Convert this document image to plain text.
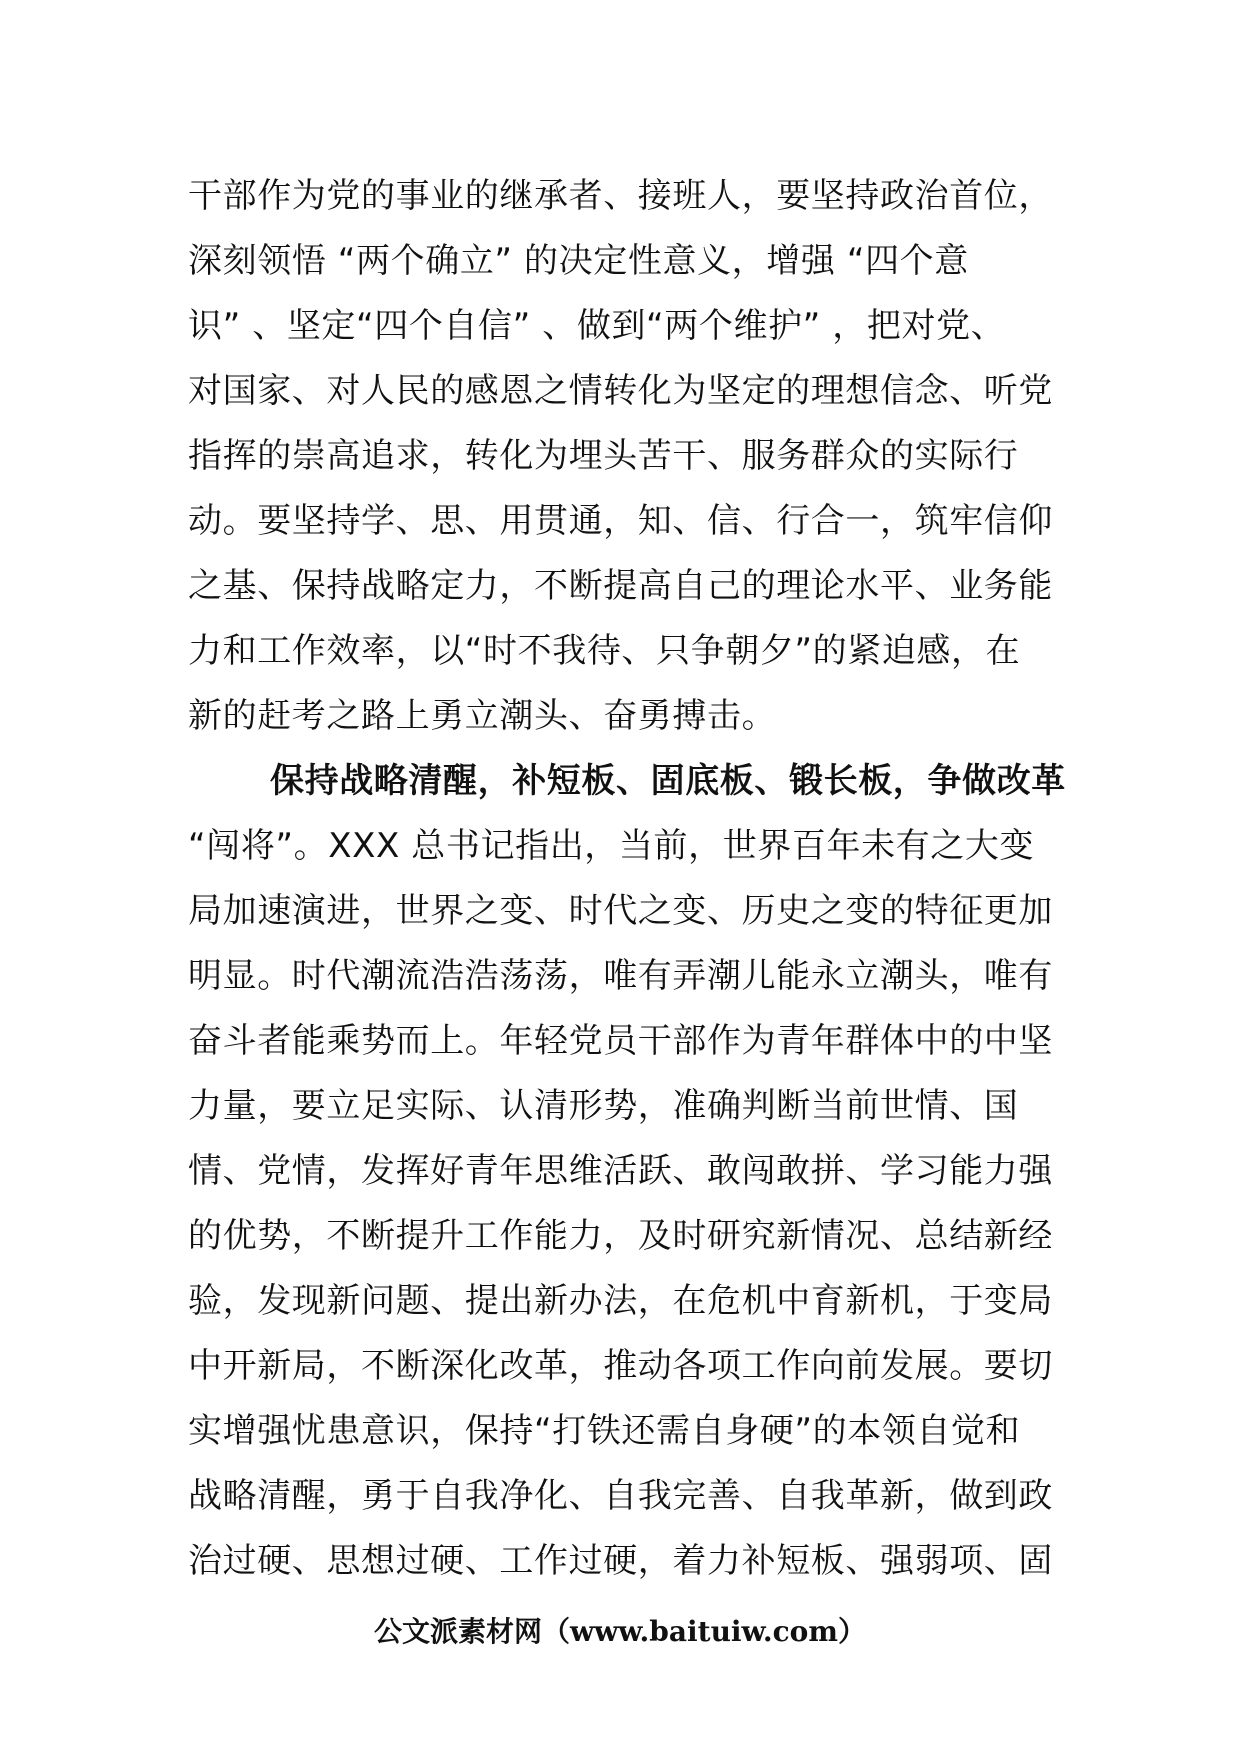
干部作为党的事业的继承者、接班人，要坚持政治首位，
深刻领悟 “两个确立” 的决定性意义，增强 “四个意
识” 、坚定“四个自信” 、做到“两个维护” ，把对党、
对国家、对人民的感恩之情转化为坚定的理想信念、听党
指挥的崇高追求，转化为埋头苦干、服务群众的实际行
动。要坚持学、思、用贯通，知、信、行合一，筑牢信仰
之基、保持战略定力，不断提高自己的理论水平、业务能
力和工作效率，以“时不我待、只争朝夕”的紧迫感，在
新的赶考之路上勇立潮头、奋勇搏击。
保持战略清醒，补短板、固底板、锻长板，争做改革
“闯将”。XXX 总书记指出，当前，世界百年未有之大变
局加速演进，世界之变、时代之变、历史之变的特征更加
明显。时代潮流浩浩荡荡，唯有弄潮儿能永立潮头，唯有
奋斗者能乘势而上。年轻党员干部作为青年群体中的中坚
力量，要立足实际、认清形势，准确判断当前世情、国
情、党情，发挥好青年思维活跃、敢闯敢拼、学习能力强
的优势，不断提升工作能力，及时研究新情况、总结新经
验，发现新问题、提出新办法，在危机中育新机，于变局
中开新局，不断深化改革，推动各项工作向前发展。要切
实增强忧患意识，保持“打铁还需自身硬”的本领自觉和
战略清醒，勇于自我净化、自我完善、自我革新，做到政
治过硬、思想过硬、工作过硬，着力补短板、强弱项、固
公文派素材网（www.baituiw.com）
